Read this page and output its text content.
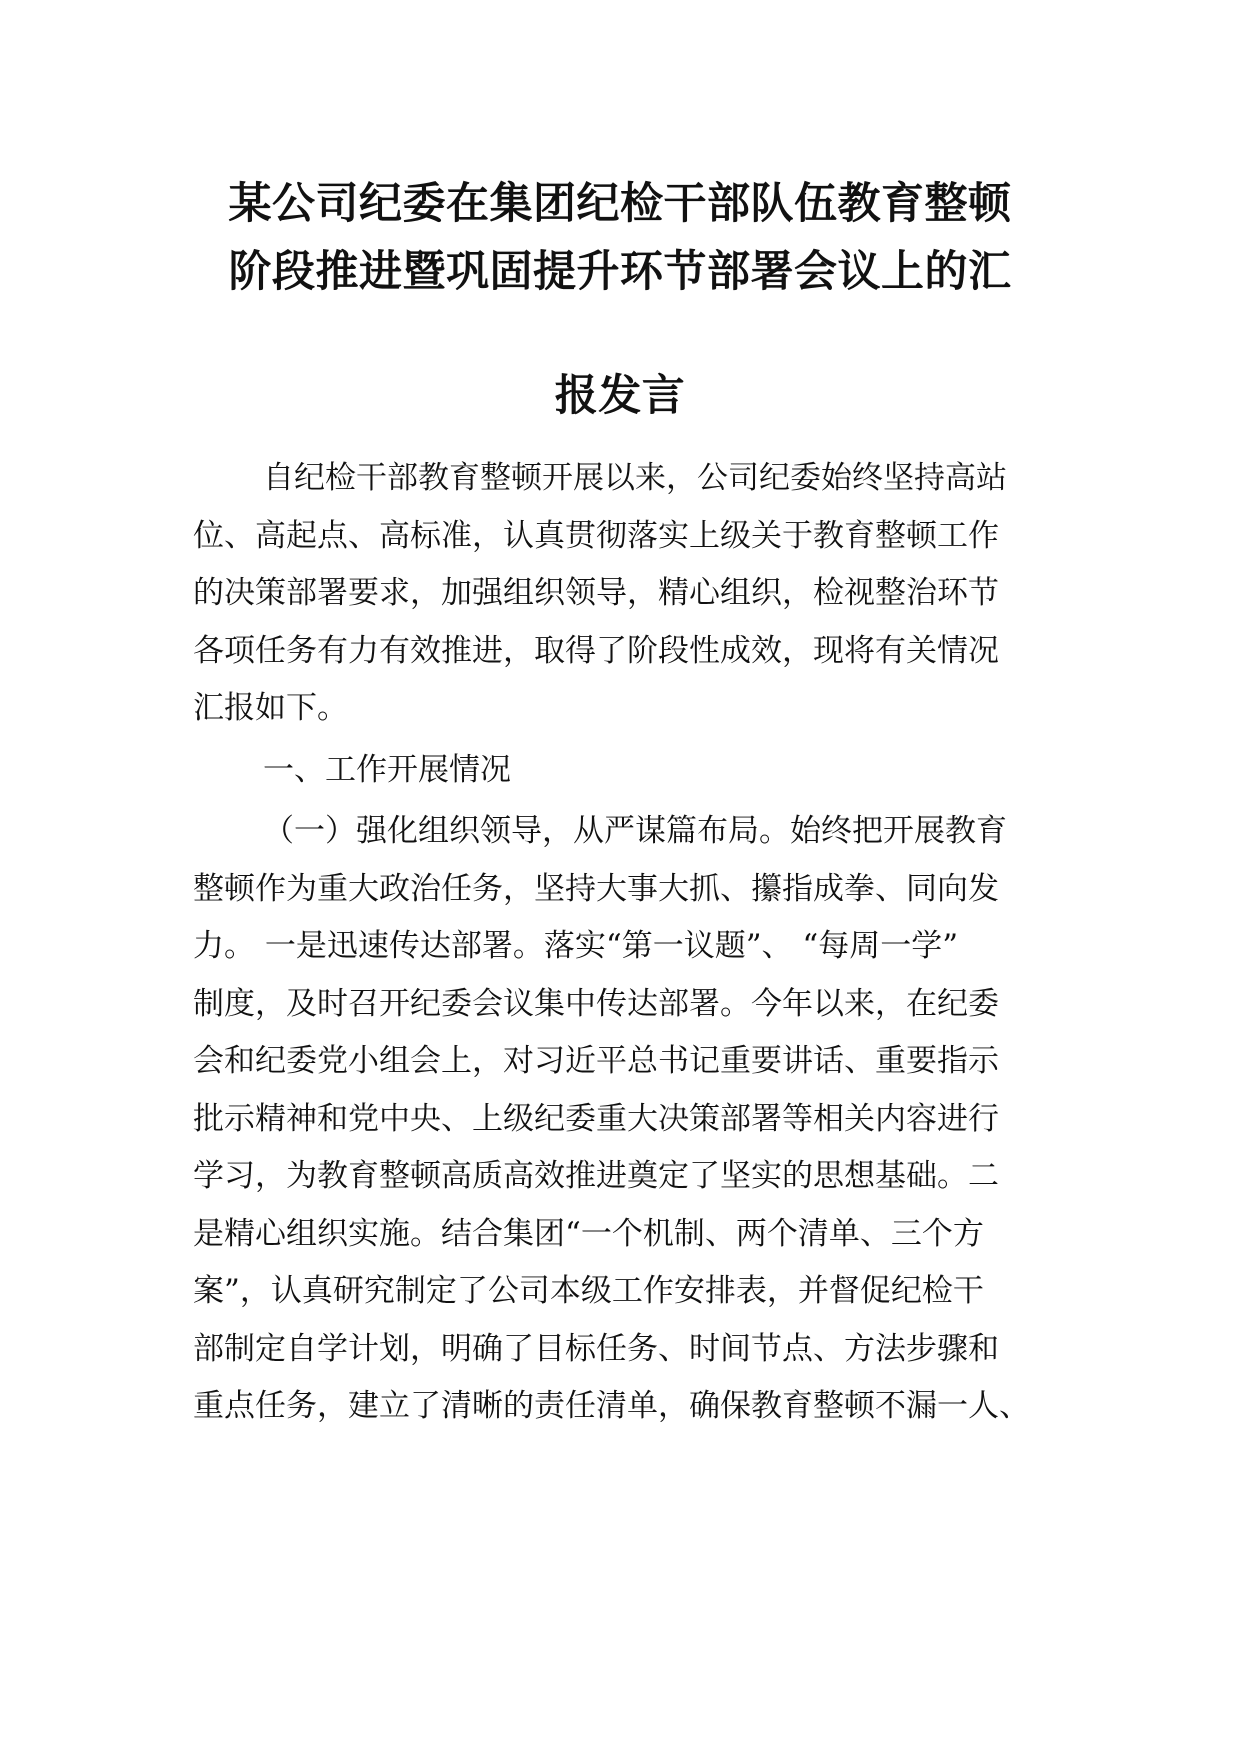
某公司纪委在集团纪检干部队伍教育整顿
阶段推进暨巩固提升环节部署会议上的汇
报发言
自纪检干部教育整顿开展以来，公司纪委始终坚持高站
位、高起点、高标准，认真贯彻落实上级关于教育整顿工作
的决策部署要求，加强组织领导，精心组织，检视整治环节
各项任务有力有效推进，取得了阶段性成效，现将有关情况
汇报如下。
一、工作开展情况
（一）强化组织领导，从严谋篇布局。始终把开展教育
整顿作为重大政治任务，坚持大事大抓、攥指成拳、同向发
力。 一是迅速传达部署。落实“第一议题”、 “每周一学”
制度，及时召开纪委会议集中传达部署。今年以来，在纪委
会和纪委党小组会上，对习近平总书记重要讲话、重要指示
批示精神和党中央、上级纪委重大决策部署等相关内容进行
学习，为教育整顿高质高效推进奠定了坚实的思想基础。二
是精心组织实施。结合集团“一个机制、两个清单、三个方
案”，认真研究制定了公司本级工作安排表，并督促纪检干
部制定自学计划，明确了目标任务、时间节点、方法步骤和
重点任务，建立了清晰的责任清单，确保教育整顿不漏一人、
